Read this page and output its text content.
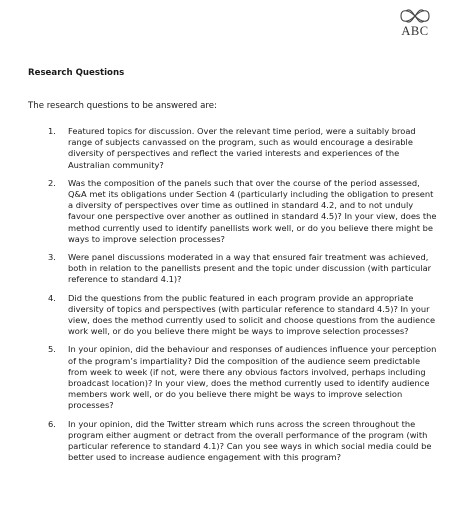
ABC
Research Questions
The research questions to be answered are:
1. Featured topics for discussion. Over the relevant time period, were a suitably broad range of subjects canvassed on the program, such as would encourage a desirable diversity of perspectives and reflect the varied interests and experiences of the Australian community?
2. Was the composition of the panels such that over the course of the period assessed, Q&A met its obligations under Section 4 (particularly including the obligation to present a diversity of perspectives over time as outlined in standard 4.2, and to not unduly favour one perspective over another as outlined in standard 4.5)? In your view, does the method currently used to identify panellists work well, or do you believe there might be ways to improve selection processes?
3. Were panel discussions moderated in a way that ensured fair treatment was achieved, both in relation to the panellists present and the topic under discussion (with particular reference to standard 4.1)?
4. Did the questions from the public featured in each program provide an appropriate diversity of topics and perspectives (with particular reference to standard 4.5)? In your view, does the method currently used to solicit and choose questions from the audience work well, or do you believe there might be ways to improve selection processes?
5. In your opinion, did the behaviour and responses of audiences influence your perception of the program’s impartiality? Did the composition of the audience seem predictable from week to week (if not, were there any obvious factors involved, perhaps including broadcast location)? In your view, does the method currently used to identify audience members work well, or do you believe there might be ways to improve selection processes?
6. In your opinion, did the Twitter stream which runs across the screen throughout the program either augment or detract from the overall performance of the program (with particular reference to standard 4.1)? Can you see ways in which social media could be better used to increase audience engagement with this program?
